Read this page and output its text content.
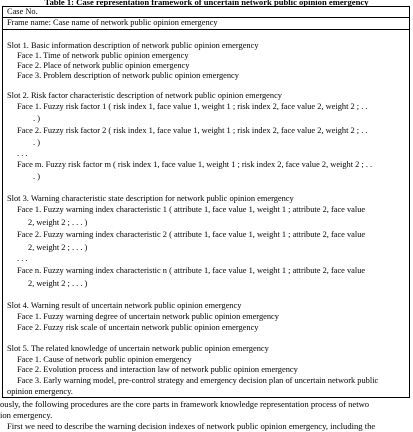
Table 1: Case representation framework of uncertain network public opinion emergency
Case No.
Frame name: Case name of network public opinion emergency
Slot 1. Basic information description of network public opinion emergency
Face 1. Time of network public opinion emergency
Face 2. Place of network public opinion emergency
Face 3. Problem description of network public opinion emergency
Slot 2. Risk factor characteristic description of network public opinion emergency
Face 1. Fuzzy risk factor 1 ( risk index 1, face value 1, weight 1 ; risk index 2, face value 2, weight 2 ; . .
. )
Face 2. Fuzzy risk factor 2 ( risk index 1, face value 1, weight 1 ; risk index 2, face value 2, weight 2 ; . .
. )
. . .
Face m. Fuzzy risk factor m ( risk index 1, face value 1, weight 1 ; risk index 2, face value 2, weight 2 ; . .
. )
Slot 3. Warning characteristic state description for network public opinion emergency
Face 1. Fuzzy warning index characteristic 1 ( attribute 1, face value 1, weight 1 ; attribute 2, face value
2, weight 2 ; . . . )
Face 2. Fuzzy warning index characteristic 2 ( attribute 1, face value 1, weight 1 ; attribute 2, face value
2, weight 2 ; . . . )
. . .
Face n. Fuzzy warning index characteristic n ( attribute 1, face value 1, weight 1 ; attribute 2, face value
2, weight 2 ; . . . )
Slot 4. Warning result of uncertain network public opinion emergency
Face 1. Fuzzy warning degree of uncertain network public opinion emergency
Face 2. Fuzzy risk scale of uncertain network public opinion emergency
Slot 5. The related knowledge of uncertain network public opinion emergency
Face 1. Cause of network public opinion emergency
Face 2. Evolution process and interaction law of network public opinion emergency
Face 3. Early warning model, pre-control strategy and emergency decision plan of uncertain network public
opinion emergency.
ously, the following procedures are the core parts in framework knowledge representation process of netwo
ion emergency.
First we need to describe the warning decision indexes of network public opinion emergency, including the
